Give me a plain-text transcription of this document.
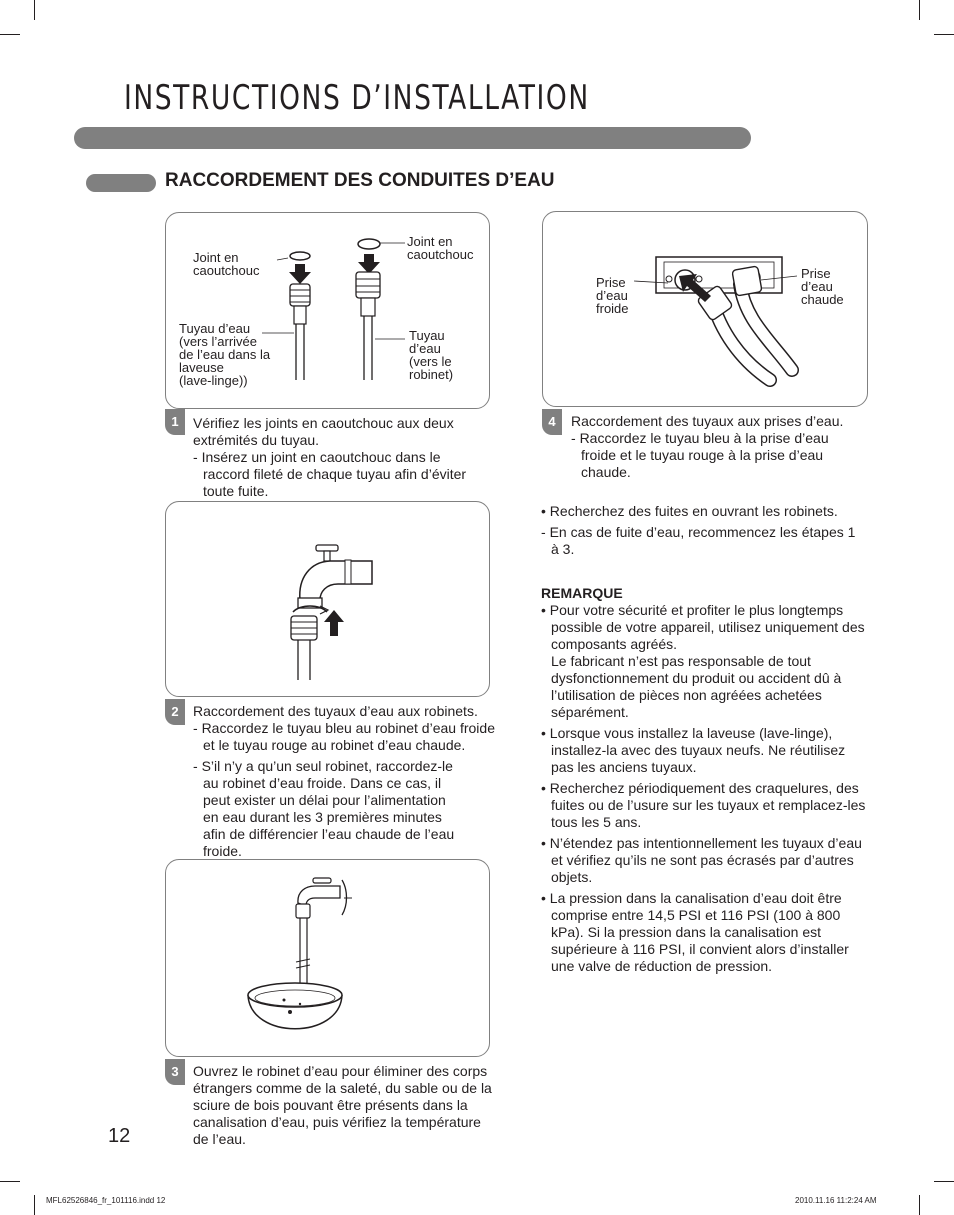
INSTRUCTIONS D’INSTALLATION
RACCORDEMENT DES CONDUITES D’EAU
1
Joint en
caoutchouc
Joint en
caoutchouc
Tuyau d’eau
(vers l’arrivée
de l’eau dans la
laveuse
(lave-linge))
Tuyau
d’eau
(vers le
robinet)

Vérifiez les joints en caoutchouc aux deux extrémités du tuyau.

- Insérez un joint en caoutchouc dans le raccord fileté de chaque tuyau afin d’éviter toute fuite.

2	Raccordement des tuyaux d’eau aux robinets.

- Raccordez le tuyau bleu au robinet d’eau froide et le tuyau rouge au robinet d’eau chaude.

- S’il n’y a qu’un seul robinet, raccordez-le au robinet d’eau froide. Dans ce cas, il peut exister un délai pour l’alimentation en eau durant les 3 premières minutes afin de différencier l’eau chaude de l’eau froide.

3	Ouvrez le robinet d’eau pour éliminer des corps étrangers comme de la saleté, du sable ou de la sciure de bois pouvant être présents dans la canalisation d’eau, puis vérifiez la température de l’eau.
4
Prise
d’eau
froide
Prise
d’eau
chaude

Raccordement des tuyaux aux prises d’eau.

- Raccordez le tuyau bleu à la prise d’eau froide et le tuyau rouge à la prise d’eau chaude.

• Recherchez des fuites en ouvrant les robinets.

- En cas de fuite d’eau, recommencez les étapes 1 à 3.

REMARQUE

• Pour votre sécurité et profiter le plus longtemps possible de votre appareil, utilisez uniquement des composants agréés.

Le fabricant n’est pas responsable de tout dysfonctionnement du produit ou accident dû à l’utilisation de pièces non agréées achetées séparément.

• Lorsque vous installez la laveuse (lave-linge), installez-la avec des tuyaux neufs. Ne réutilisez pas les anciens tuyaux.

• Recherchez périodiquement des craquelures, des fuites ou de l’usure sur les tuyaux et remplacez-les tous les 5 ans.

• N’étendez pas intentionnellement les tuyaux d’eau et vérifiez qu’ils ne sont pas écrasés par d’autres objets.

• La pression dans la canalisation d’eau doit être comprise entre 14,5 PSI et 116 PSI (100 à 800 kPa). Si la pression dans la canalisation est supérieure à 116 PSI, il convient alors d’installer une valve de réduction de pression.

12
MFL62526846_fr_101116.indd 12	2010.11.16 11:2:24 AM
